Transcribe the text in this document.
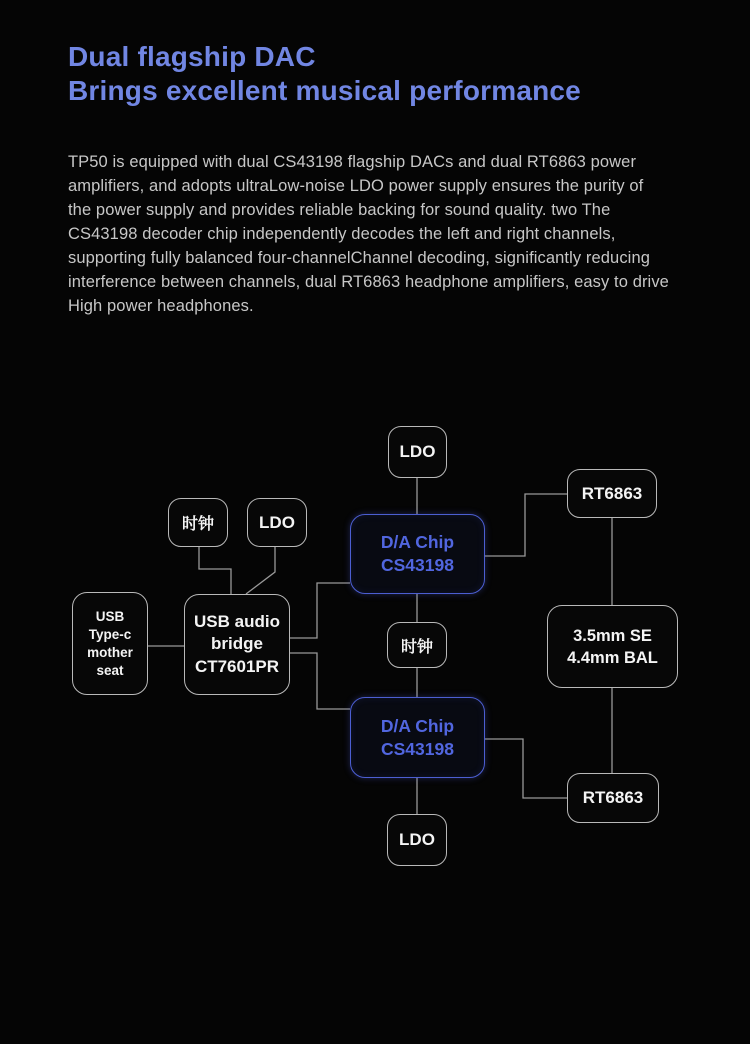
Dual flagship DAC
Brings excellent musical performance
TP50 is equipped with dual CS43198 flagship DACs and dual RT6863 power
amplifiers, and adopts ultraLow-noise LDO power supply ensures the purity of
the power supply and provides reliable backing for sound quality. two The
CS43198 decoder chip independently decodes the left and right channels,
supporting fully balanced four-channelChannel decoding, significantly reducing
interference between channels, dual RT6863 headphone amplifiers, easy to drive
High power headphones.
LDO
时钟	LDO
USB
Type-c
mother seat
USB audio
bridge
CT7601PR
D/A Chip
CS43198
RT6863
时钟
3.5mm SE
4.4mm BAL
D/A Chip
CS43198
RT6863
LDO
